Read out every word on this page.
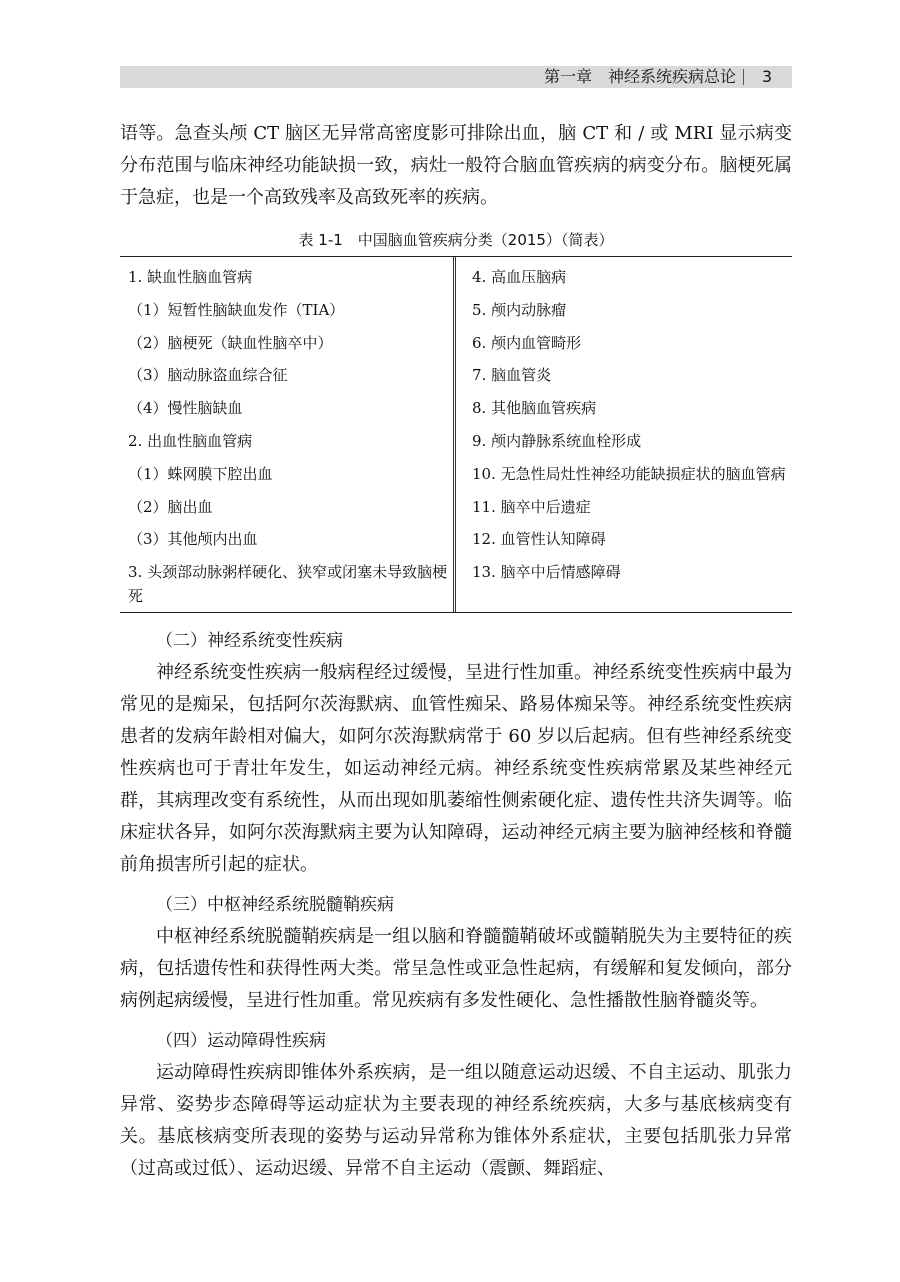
第一章　神经系统疾病总论 3

语等。急查头颅 CT 脑区无异常高密度影可排除出血，脑 CT 和 / 或 MRI 显示病变分布范围与临床神经功能缺损一致，病灶一般符合脑血管疾病的病变分布。脑梗死属于急症，也是一个高致残率及高致死率的疾病。

表 1-1　中国脑血管疾病分类（2015）（简表）
1. 缺血性脑血管病
（1）短暂性脑缺血发作（TIA）
（2）脑梗死（缺血性脑卒中）
（3）脑动脉盗血综合征
（4）慢性脑缺血
2. 出血性脑血管病
（1）蛛网膜下腔出血
（2）脑出血
（3）其他颅内出血
3. 头颈部动脉粥样硬化、狭窄或闭塞未导致脑梗死
4. 高血压脑病
5. 颅内动脉瘤
6. 颅内血管畸形
7. 脑血管炎
8. 其他脑血管疾病
9. 颅内静脉系统血栓形成
10. 无急性局灶性神经功能缺损症状的脑血管病
11. 脑卒中后遗症
12. 血管性认知障碍
13. 脑卒中后情感障碍
（二）神经系统变性疾病

神经系统变性疾病一般病程经过缓慢，呈进行性加重。神经系统变性疾病中最为常见的是痴呆，包括阿尔茨海默病、血管性痴呆、路易体痴呆等。神经系统变性疾病患者的发病年龄相对偏大，如阿尔茨海默病常于 60 岁以后起病。但有些神经系统变性疾病也可于青壮年发生，如运动神经元病。神经系统变性疾病常累及某些神经元群，其病理改变有系统性，从而出现如肌萎缩性侧索硬化症、遗传性共济失调等。临床症状各异，如阿尔茨海默病主要为认知障碍，运动神经元病主要为脑神经核和脊髓前角损害所引起的症状。

（三）中枢神经系统脱髓鞘疾病

中枢神经系统脱髓鞘疾病是一组以脑和脊髓髓鞘破坏或髓鞘脱失为主要特征的疾病，包括遗传性和获得性两大类。常呈急性或亚急性起病，有缓解和复发倾向，部分病例起病缓慢，呈进行性加重。常见疾病有多发性硬化、急性播散性脑脊髓炎等。

（四）运动障碍性疾病

运动障碍性疾病即锥体外系疾病，是一组以随意运动迟缓、不自主运动、肌张力异常、姿势步态障碍等运动症状为主要表现的神经系统疾病，大多与基底核病变有关。基底核病变所表现的姿势与运动异常称为锥体外系症状，主要包括肌张力异常（过高或过低）、运动迟缓、异常不自主运动（震颤、舞蹈症、
